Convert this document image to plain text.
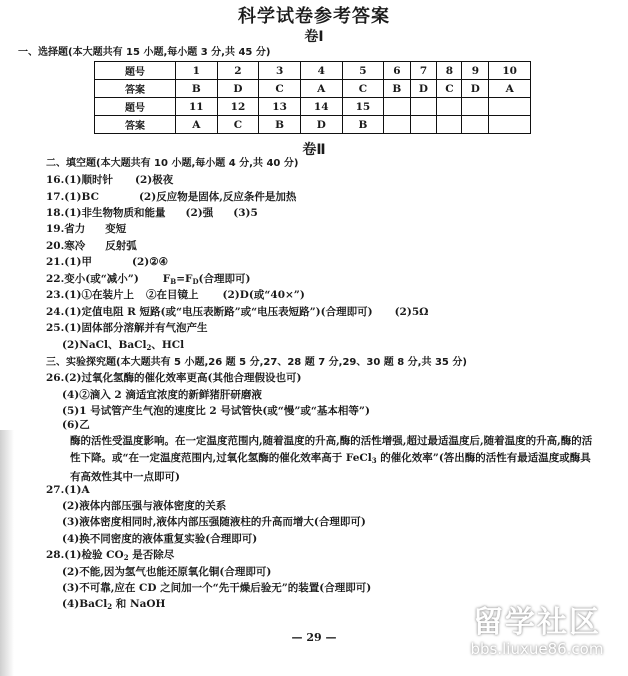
科学试卷参考答案
卷Ⅰ
一、选择题(本大题共有 15 小题,每小题 3 分,共 45 分)
题号	1	2	3	4	5	6	7	8	9	10
答案	B	D	C	A	C	B	D	C	D	A
题号	11	12	13	14	15					
答案	A	C	B	D	B					
卷Ⅱ
二、填空题(本大题共有 10 小题,每小题 4 分,共 40 分)
16.(1)顺时针 (2)极夜
17.(1)BC	(2)反应物是固体,反应条件是加热
18.(1)非生物物质和能量 (2)强 (3)5
19.省力 变短
20.寒冷 反射弧
21.(1)甲	(2)②④
22.变小(或“减小”) $F_B=F_D$(合理即可)
23.(1)①在装片上 ②在目镜上 (2)D(或“40×”)
24.(1)定值电阻 R 短路(或“电压表断路”或“电压表短路”)(合理即可) (2)5Ω
25.(1)固体部分溶解并有气泡产生
(2)NaCl、BaCl$_2$、HCl
三、实验探究题(本大题共有 5 小题,26 题 5 分,27、28 题 7 分,29、30 题 8 分,共 35 分)
26.(2)过氧化氢酶的催化效率更高(其他合理假设也可)
(4)②滴入 2 滴适宜浓度的新鲜猪肝研磨液
(5)1 号试管产生气泡的速度比 2 号试管快(或“慢”或“基本相等”)
(6)乙
酶的活性受温度影响。在一定温度范围内,随着温度的升高,酶的活性增强,超过最适温度后,随着温度的升高,酶的活性下降。或“在一定温度范围内,过氧化氢酶的催化效率高于 FeCl$_3$ 的催化效率”(答出酶的活性有最适温度或酶具有高效性其中一点即可)
27.(1)A
(2)液体内部压强与液体密度的关系
(3)液体密度相同时,液体内部压强随液柱的升高而增大(合理即可)
(4)换不同密度的液体重复实验(合理即可)
28.(1)检验 $CO_2$ 是否除尽
(2)不能,因为氢气也能还原氧化铜(合理即可)
(3)不可靠,应在 CD 之间加一个“先干燥后验无”的装置(合理即可)
(4)BaCl$_2$ 和 NaOH
— 29 —	留学社区
bbs.liuxue86.com
